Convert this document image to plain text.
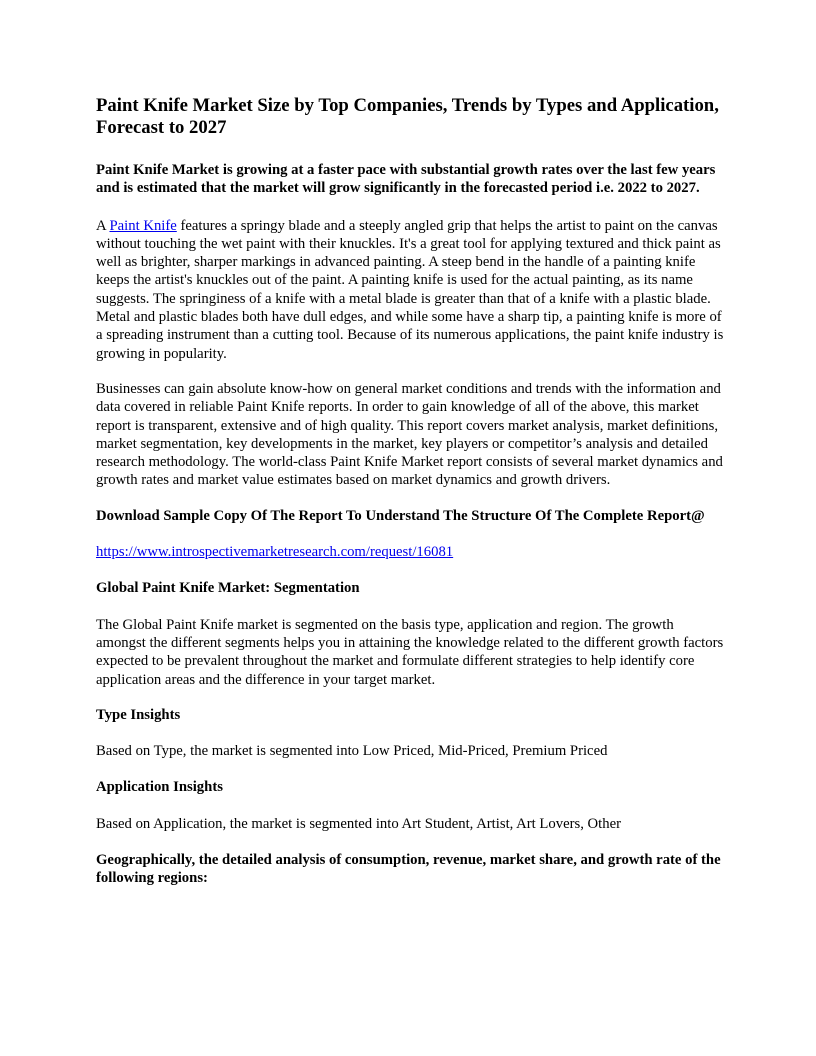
Paint Knife Market Size by Top Companies, Trends by Types and Application, Forecast to 2027

Paint Knife Market is growing at a faster pace with substantial growth rates over the last few years and is estimated that the market will grow significantly in the forecasted period i.e. 2022 to 2027.

A Paint Knife features a springy blade and a steeply angled grip that helps the artist to paint on the canvas without touching the wet paint with their knuckles. It's a great tool for applying textured and thick paint as well as brighter, sharper markings in advanced painting. A steep bend in the handle of a painting knife keeps the artist's knuckles out of the paint. A painting knife is used for the actual painting, as its name suggests. The springiness of a knife with a metal blade is greater than that of a knife with a plastic blade. Metal and plastic blades both have dull edges, and while some have a sharp tip, a painting knife is more of a spreading instrument than a cutting tool. Because of its numerous applications, the paint knife industry is growing in popularity.

Businesses can gain absolute know-how on general market conditions and trends with the information and data covered in reliable Paint Knife reports. In order to gain knowledge of all of the above, this market report is transparent, extensive and of high quality. This report covers market analysis, market definitions, market segmentation, key developments in the market, key players or competitor’s analysis and detailed research methodology. The world-class Paint Knife Market report consists of several market dynamics and growth rates and market value estimates based on market dynamics and growth drivers.

Download Sample Copy Of The Report To Understand The Structure Of The Complete Report@

https://www.introspectivemarketresearch.com/request/16081

Global Paint Knife Market: Segmentation

The Global Paint Knife market is segmented on the basis type, application and region. The growth amongst the different segments helps you in attaining the knowledge related to the different growth factors expected to be prevalent throughout the market and formulate different strategies to help identify core application areas and the difference in your target market.

Type Insights

Based on Type, the market is segmented into Low Priced, Mid-Priced, Premium Priced

Application Insights

Based on Application, the market is segmented into Art Student, Artist, Art Lovers, Other

Geographically, the detailed analysis of consumption, revenue, market share, and growth rate of the following regions:
